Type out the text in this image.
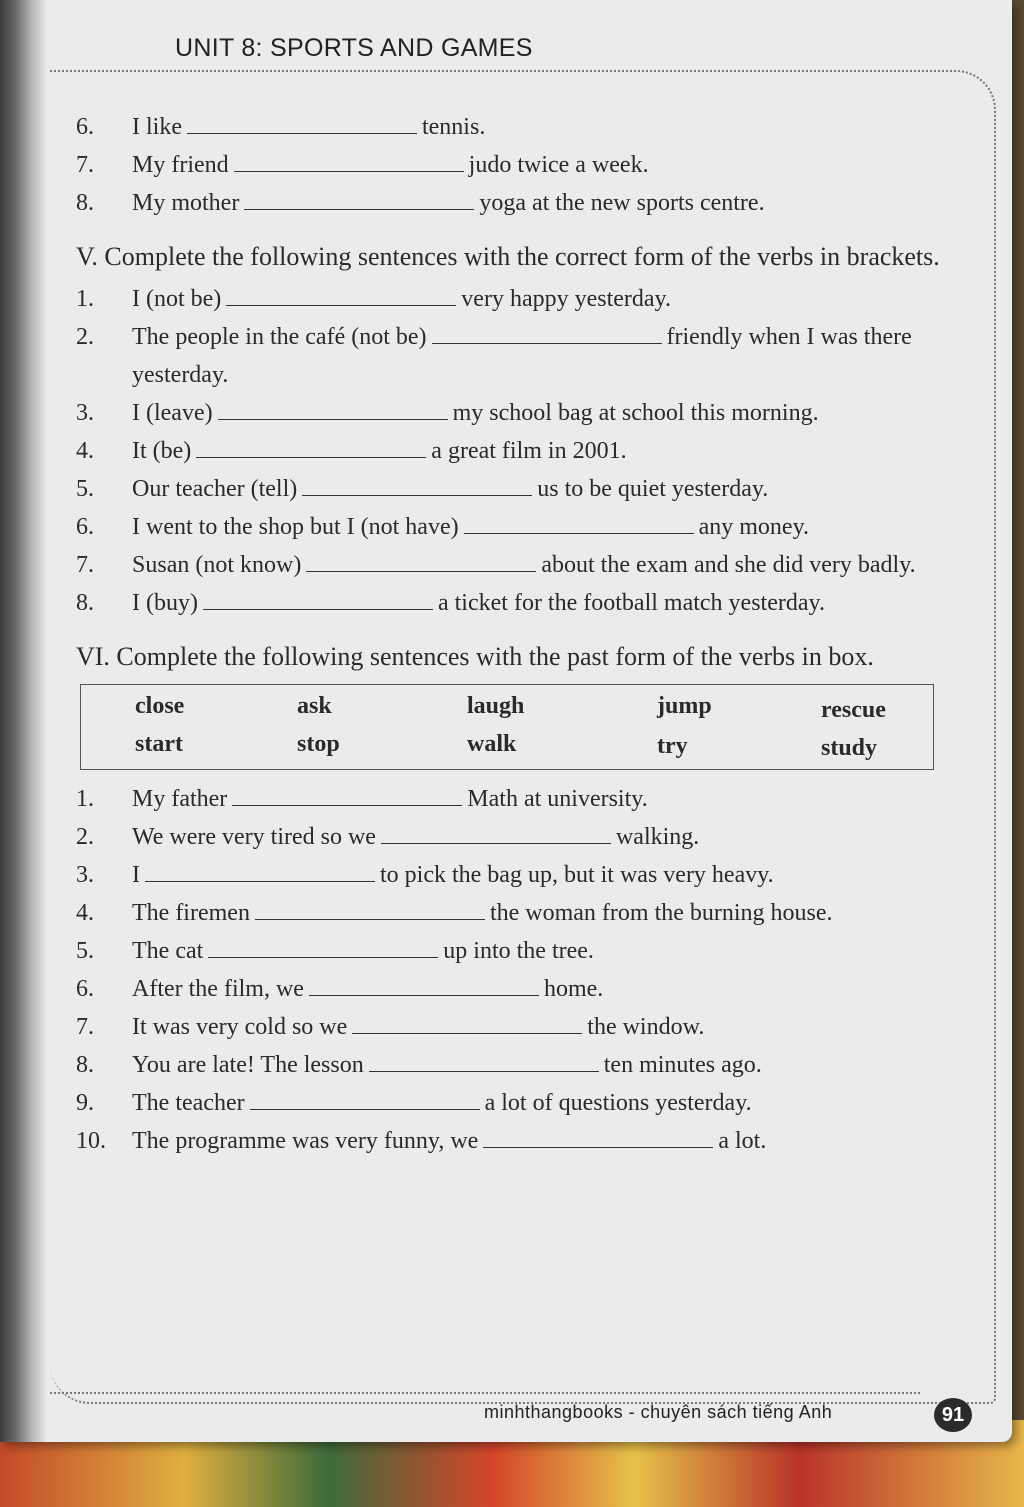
UNIT 8: SPORTS AND GAMES
6.	I like	tennis.
7.	My friend	judo twice a week.
8.	My mother	yoga at the new sports centre.
V. Complete the following sentences with the correct form of the verbs in brackets.
1.	I (not be)	very happy yesterday.
2.	The people in the café (not be)	friendly when I was there yesterday.
3.	I (leave)	my school bag at school this morning.
4.	It (be)	a great film in 2001.
5.	Our teacher (tell)	us to be quiet yesterday.
6.	I went to the shop but I (not have)	any money.
7.	Susan (not know)	about the exam and she did very badly.
8.	I (buy)	a ticket for the football match yesterday.
VI. Complete the following sentences with the past form of the verbs in box.
close	ask	laugh	jump	rescue
start	stop	walk	try	study
1.	My father	Math at university.
2.	We were very tired so we	walking.
3.	I	to pick the bag up, but it was very heavy.
4.	The firemen	the woman from the burning house.
5.	The cat	up into the tree.
6.	After the film, we	home.
7.	It was very cold so we	the window.
8.	You are late! The lesson	ten minutes ago.
9.	The teacher	a lot of questions yesterday.
10.	The programme was very funny, we	a lot.
minhthangbooks - chuyên sách tiếng Anh	91
